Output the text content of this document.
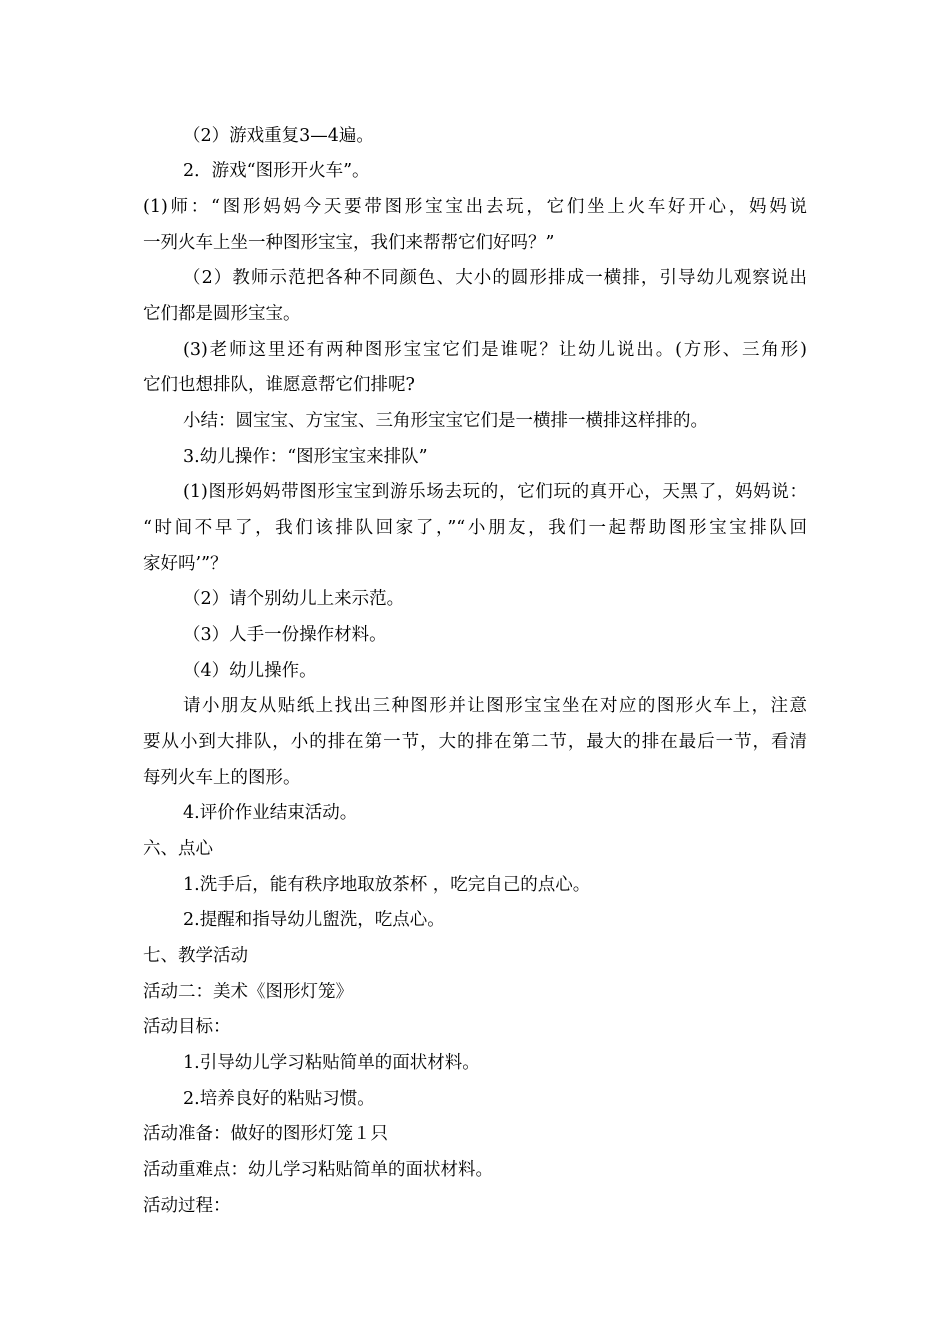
（2）游戏重复3—4遍。
2．游戏“图形开火车”。
(1)师：“图形妈妈今天要带图形宝宝出去玩，它们坐上火车好开心，妈妈说
一列火车上坐一种图形宝宝，我们来帮帮它们好吗？”
（2）教师示范把各种不同颜色、大小的圆形排成一横排，引导幼儿观察说出
它们都是圆形宝宝。
(3)老师这里还有两种图形宝宝它们是谁呢？让幼儿说出。(方形、三角形)
它们也想排队，谁愿意帮它们排呢?
小结：圆宝宝、方宝宝、三角形宝宝它们是一横排一横排这样排的。
3.幼儿操作：“图形宝宝来排队”
(1)图形妈妈带图形宝宝到游乐场去玩的，它们玩的真开心，天黑了，妈妈说：
“时间不早了，我们该排队回家了，”“小朋友，我们一起帮助图形宝宝排队回
家好吗’”？
（2）请个别幼儿上来示范。
（3）人手一份操作材料。
（4）幼儿操作。
请小朋友从贴纸上找出三种图形并让图形宝宝坐在对应的图形火车上，注意
要从小到大排队，小的排在第一节，大的排在第二节，最大的排在最后一节，看清
每列火车上的图形。
4.评价作业结束活动。
六、点心
1.洗手后，能有秩序地取放茶杯 ，吃完自己的点心。
2.提醒和指导幼儿盥洗，吃点心。
七、教学活动
活动二：美术《图形灯笼》
活动目标：
1.引导幼儿学习粘贴简单的面状材料。
2.培养良好的粘贴习惯。
活动准备：做好的图形灯笼１只
活动重难点：幼儿学习粘贴简单的面状材料。
活动过程：
